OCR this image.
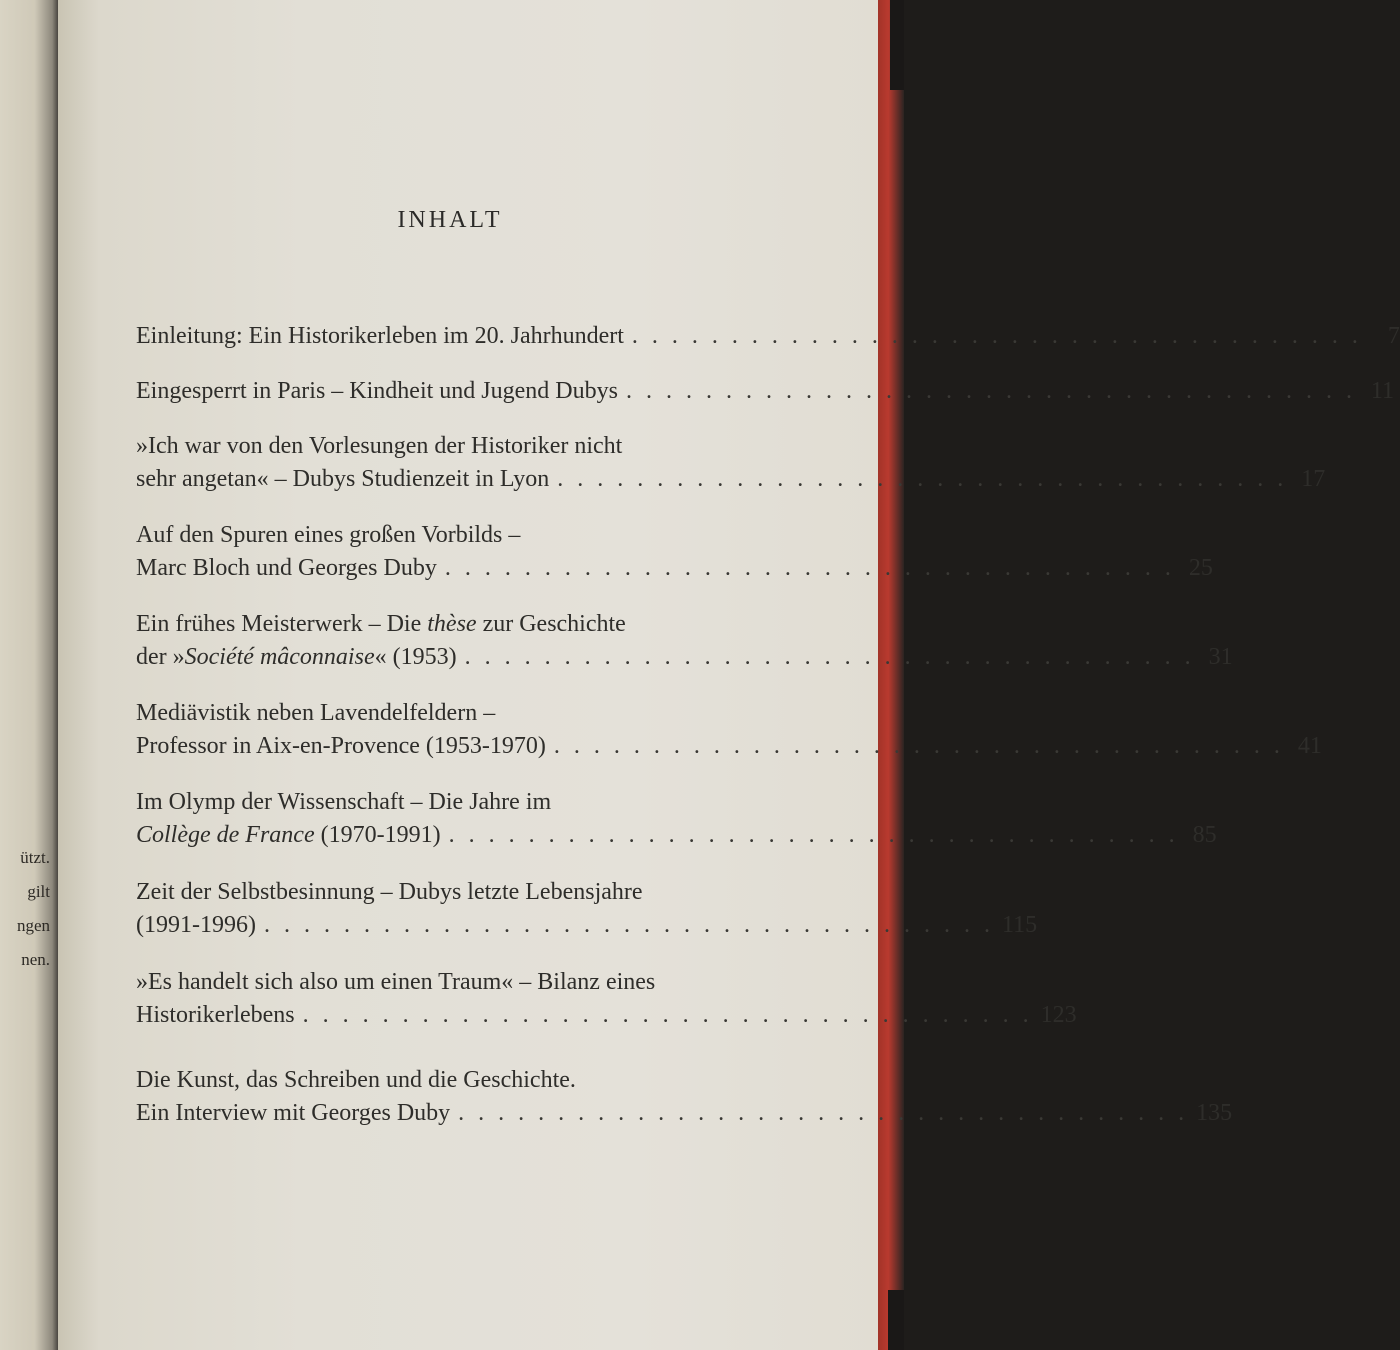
ützt.
gilt
ngen
nen.
INHALT
Einleitung: Ein Historikerleben im 20. Jahrhundert . . . . . . . . . . . . . . . . . . . . . . . . . . . . . . . . . . . . .	7
Eingesperrt in Paris – Kindheit und Jugend Dubys . . . . . . . . . . . . . . . . . . . . . . . . . . . . . . . . . . . . . 11
»Ich war von den Vorlesungen der Historiker nicht
sehr angetan« – Dubys Studienzeit in Lyon . . . . . . . . . . . . . . . . . . . . . . . . . . . . . . . . . . . . . 17
Auf den Spuren eines großen Vorbilds –
Marc Bloch und Georges Duby . . . . . . . . . . . . . . . . . . . . . . . . . . . . . . . . . . . . . 25
Ein frühes Meisterwerk – Die thèse zur Geschichte
der »Société mâconnaise« (1953) . . . . . . . . . . . . . . . . . . . . . . . . . . . . . . . . . . . . . 31
Mediävistik neben Lavendelfeldern –
Professor in Aix-en-Provence (1953-1970) . . . . . . . . . . . . . . . . . . . . . . . . . . . . . . . . . . . . . 41
Im Olymp der Wissenschaft – Die Jahre im
Collège de France (1970-1991) . . . . . . . . . . . . . . . . . . . . . . . . . . . . . . . . . . . . . 85
Zeit der Selbstbesinnung – Dubys letzte Lebensjahre
(1991-1996) . . . . . . . . . . . . . . . . . . . . . . . . . . . . . . . . . . . . . 115
»Es handelt sich also um einen Traum« – Bilanz eines
Historikerlebens . . . . . . . . . . . . . . . . . . . . . . . . . . . . . . . . . . . . . 123
Die Kunst, das Schreiben und die Geschichte.
Ein Interview mit Georges Duby . . . . . . . . . . . . . . . . . . . . . . . . . . . . . . . . . . . . . 135
